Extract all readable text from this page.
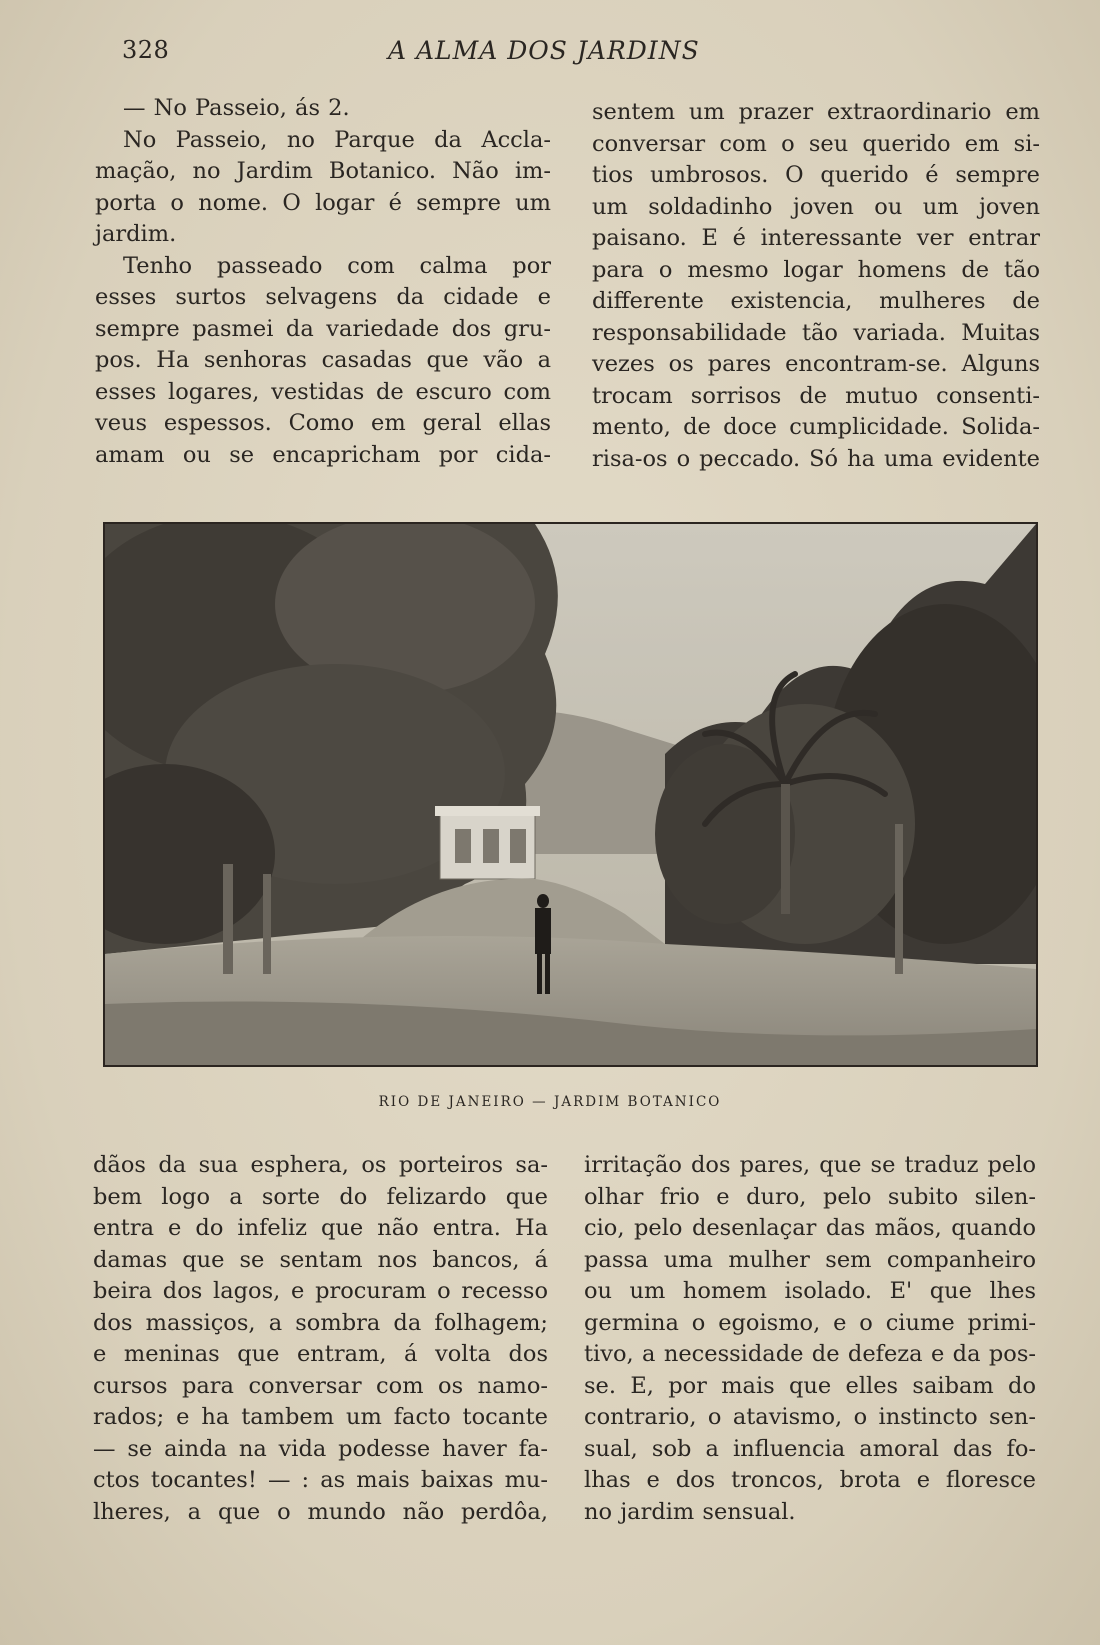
328	A ALMA DOS JARDINS
— No Passeio, ás 2.
No Passeio, no Parque da Accla-
mação, no Jardim Botanico. Não im-
porta o nome. O logar é sempre um
jardim.
Tenho passeado com calma por
esses surtos selvagens da cidade e
sempre pasmei da variedade dos gru-
pos. Ha senhoras casadas que vão a
esses logares, vestidas de escuro com
veus espessos. Como em geral ellas
amam ou se encapricham por cida-
sentem um prazer extraordinario em
conversar com o seu querido em si-
tios umbrosos. O querido é sempre
um soldadinho joven ou um joven
paisano. E é interessante ver entrar
para o mesmo logar homens de tão
differente existencia, mulheres de
responsabilidade tão variada. Muitas
vezes os pares encontram-se. Alguns
trocam sorrisos de mutuo consenti-
mento, de doce cumplicidade. Solida-
risa-os o peccado. Só ha uma evidente
RIO DE JANEIRO — JARDIM BOTANICO
dãos da sua esphera, os porteiros sa-
bem logo a sorte do felizardo que
entra e do infeliz que não entra. Ha
damas que se sentam nos bancos, á
beira dos lagos, e procuram o recesso
dos massiços, a sombra da folhagem;
e meninas que entram, á volta dos
cursos para conversar com os namo-
rados; e ha tambem um facto tocante
— se ainda na vida podesse haver fa-
ctos tocantes! — : as mais baixas mu-
lheres, a que o mundo não perdôa,
irritação dos pares, que se traduz pelo
olhar frio e duro, pelo subito silen-
cio, pelo desenlaçar das mãos, quando
passa uma mulher sem companheiro
ou um homem isolado. E' que lhes
germina o egoismo, e o ciume primi-
tivo, a necessidade de defeza e da pos-
se. E, por mais que elles saibam do
contrario, o atavismo, o instincto sen-
sual, sob a influencia amoral das fo-
lhas e dos troncos, brota e floresce
no jardim sensual.
